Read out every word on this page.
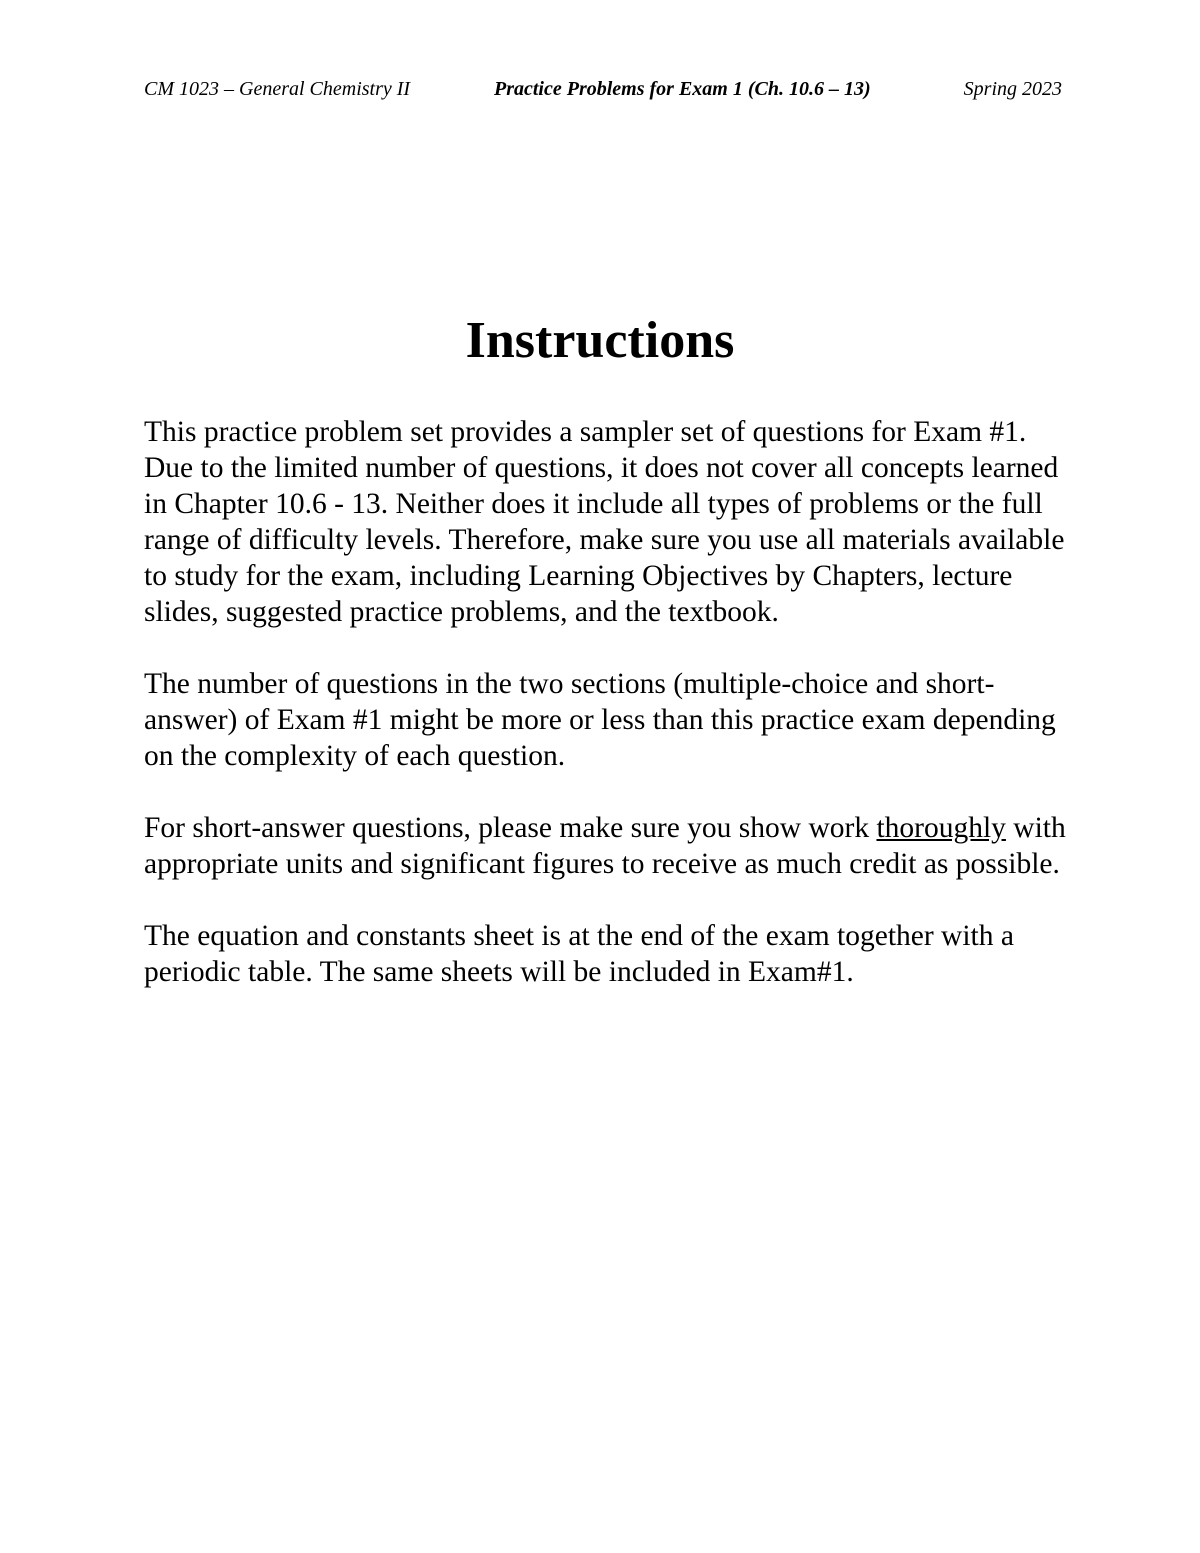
CM 1023 – General Chemistry II	Practice Problems for Exam 1 (Ch. 10.6 – 13)	Spring 2023
Instructions

This practice problem set provides a sampler set of questions for Exam #1. Due to the limited number of questions, it does not cover all concepts learned in Chapter 10.6 - 13. Neither does it include all types of problems or the full range of difficulty levels. Therefore, make sure you use all materials available to study for the exam, including Learning Objectives by Chapters, lecture slides, suggested practice problems, and the textbook.

The number of questions in the two sections (multiple-choice and short-answer) of Exam #1 might be more or less than this practice exam depending on the complexity of each question.

For short-answer questions, please make sure you show work thoroughly with appropriate units and significant figures to receive as much credit as possible.

The equation and constants sheet is at the end of the exam together with a periodic table. The same sheets will be included in Exam#1.
